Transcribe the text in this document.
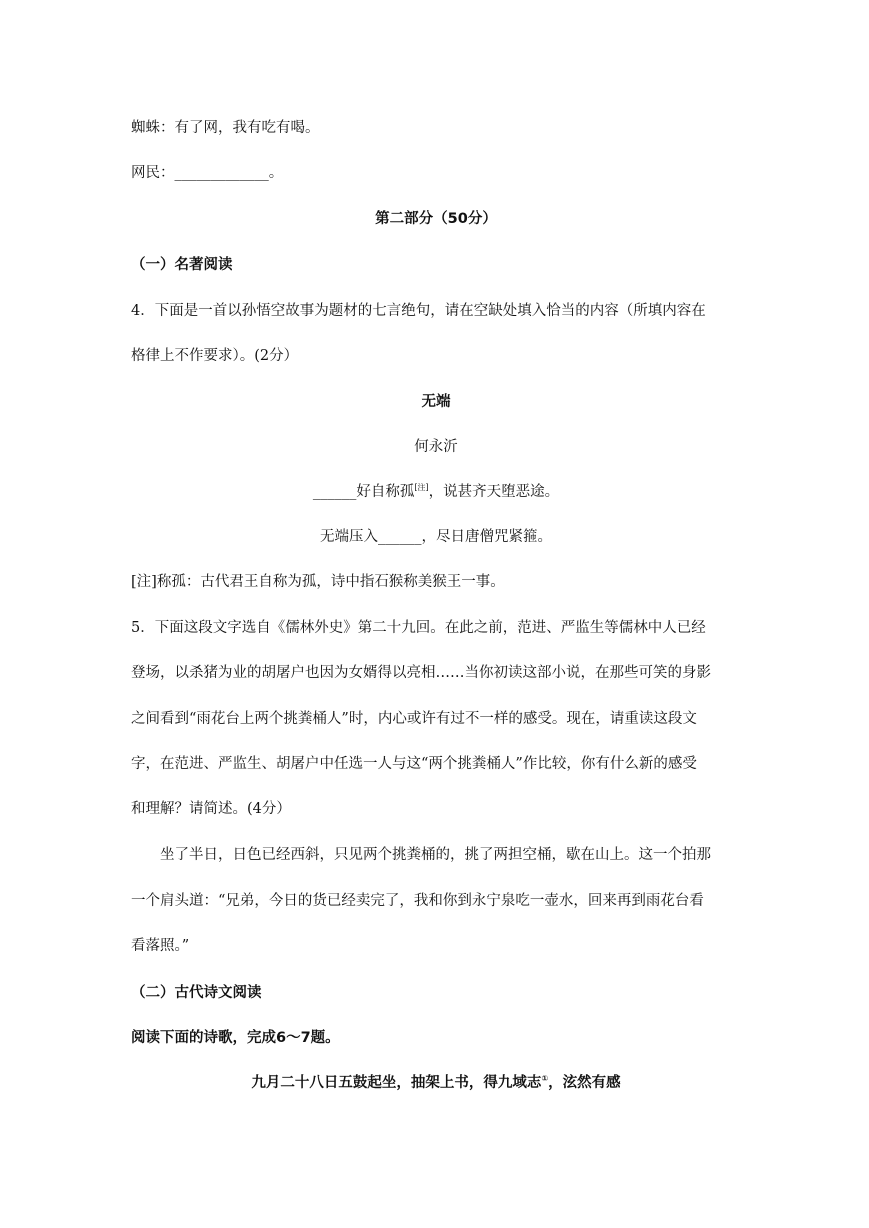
蜘蛛：有了网，我有吃有喝。
网民：_____________。
第二部分（50分）
（一）名著阅读
4．下面是一首以孙悟空故事为题材的七言绝句，请在空缺处填入恰当的内容（所填内容在
格律上不作要求）。(2分）
无端
何永沂
______好自称孤[注]，说甚齐天堕恶途。
无端压入______，尽日唐僧咒紧箍。
[注]称孤：古代君王自称为孤，诗中指石猴称美猴王一事。
5．下面这段文字选自《儒林外史》第二十九回。在此之前，范进、严监生等儒林中人已经
登场，以杀猪为业的胡屠户也因为女婿得以亮相……当你初读这部小说，在那些可笑的身影
之间看到“雨花台上两个挑粪桶人”时，内心或许有过不一样的感受。现在，请重读这段文
字，在范进、严监生、胡屠户中任选一人与这“两个挑粪桶人”作比较，你有什么新的感受
和理解？请简述。(4分）
坐了半日，日色已经西斜，只见两个挑粪桶的，挑了两担空桶，歇在山上。这一个拍那
一个肩头道：“兄弟，今日的货已经卖完了，我和你到永宁泉吃一壶水，回来再到雨花台看
看落照。”
（二）古代诗文阅读
阅读下面的诗歌，完成6～7题。
九月二十八日五鼓起坐，抽架上书，得九域志①，泫然有感
